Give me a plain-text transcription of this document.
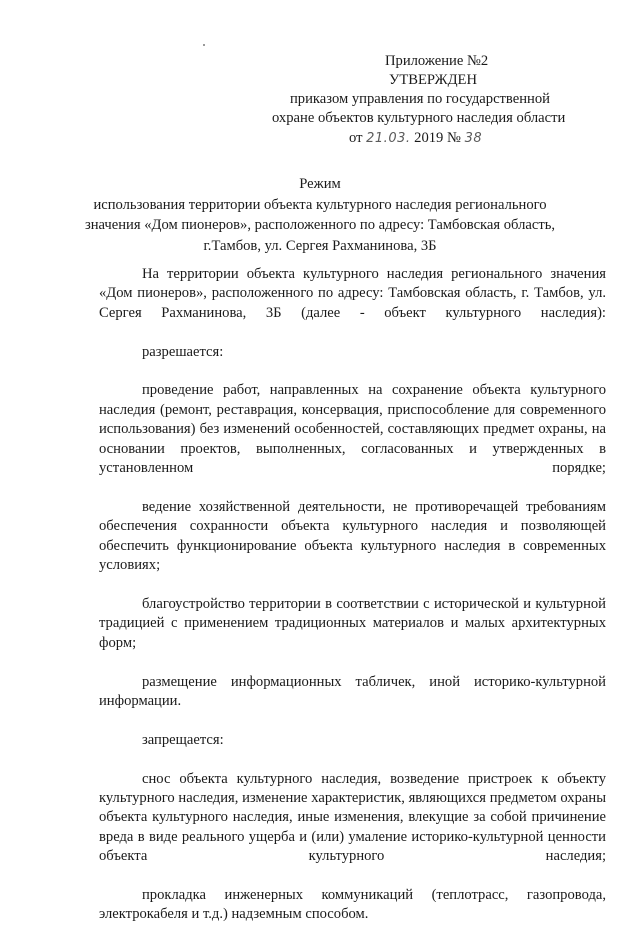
Приложение №2
УТВЕРЖДЕН
приказом управления по государственной
охране объектов культурного наследия области
от 21.03. 2019 № 38
Режим
использования территории объекта культурного наследия регионального
значения «Дом пионеров», расположенного по адресу: Тамбовская область,
г.Тамбов, ул. Сергея Рахманинова, 3Б

На территории объекта культурного наследия регионального значения «Дом пионеров», расположенного по адресу: Тамбовская область, г. Тамбов, ул. Сергея Рахманинова, 3Б (далее - объект культурного наследия):

разрешается:

проведение работ, направленных на сохранение объекта культурного наследия (ремонт, реставрация, консервация, приспособление для современного использования) без изменений особенностей, составляющих предмет охраны, на основании проектов, выполненных, согласованных и утвержденных в установленном порядке;

ведение хозяйственной деятельности, не противоречащей требованиям обеспечения сохранности объекта культурного наследия и позволяющей обеспечить функционирование объекта культурного наследия в современных условиях;

благоустройство территории в соответствии с исторической и культурной традицией с применением традиционных материалов и малых архитектурных форм;

размещение информационных табличек, иной историко-культурной информации.

запрещается:

снос объекта культурного наследия, возведение пристроек к объекту культурного наследия, изменение характеристик, являющихся предметом охраны объекта культурного наследия, иные изменения, влекущие за собой причинение вреда в виде реального ущерба и (или) умаление историко-культурной ценности объекта культурного наследия;

прокладка инженерных коммуникаций (теплотрасс, газопровода, электрокабеля и т.д.) надземным способом.
